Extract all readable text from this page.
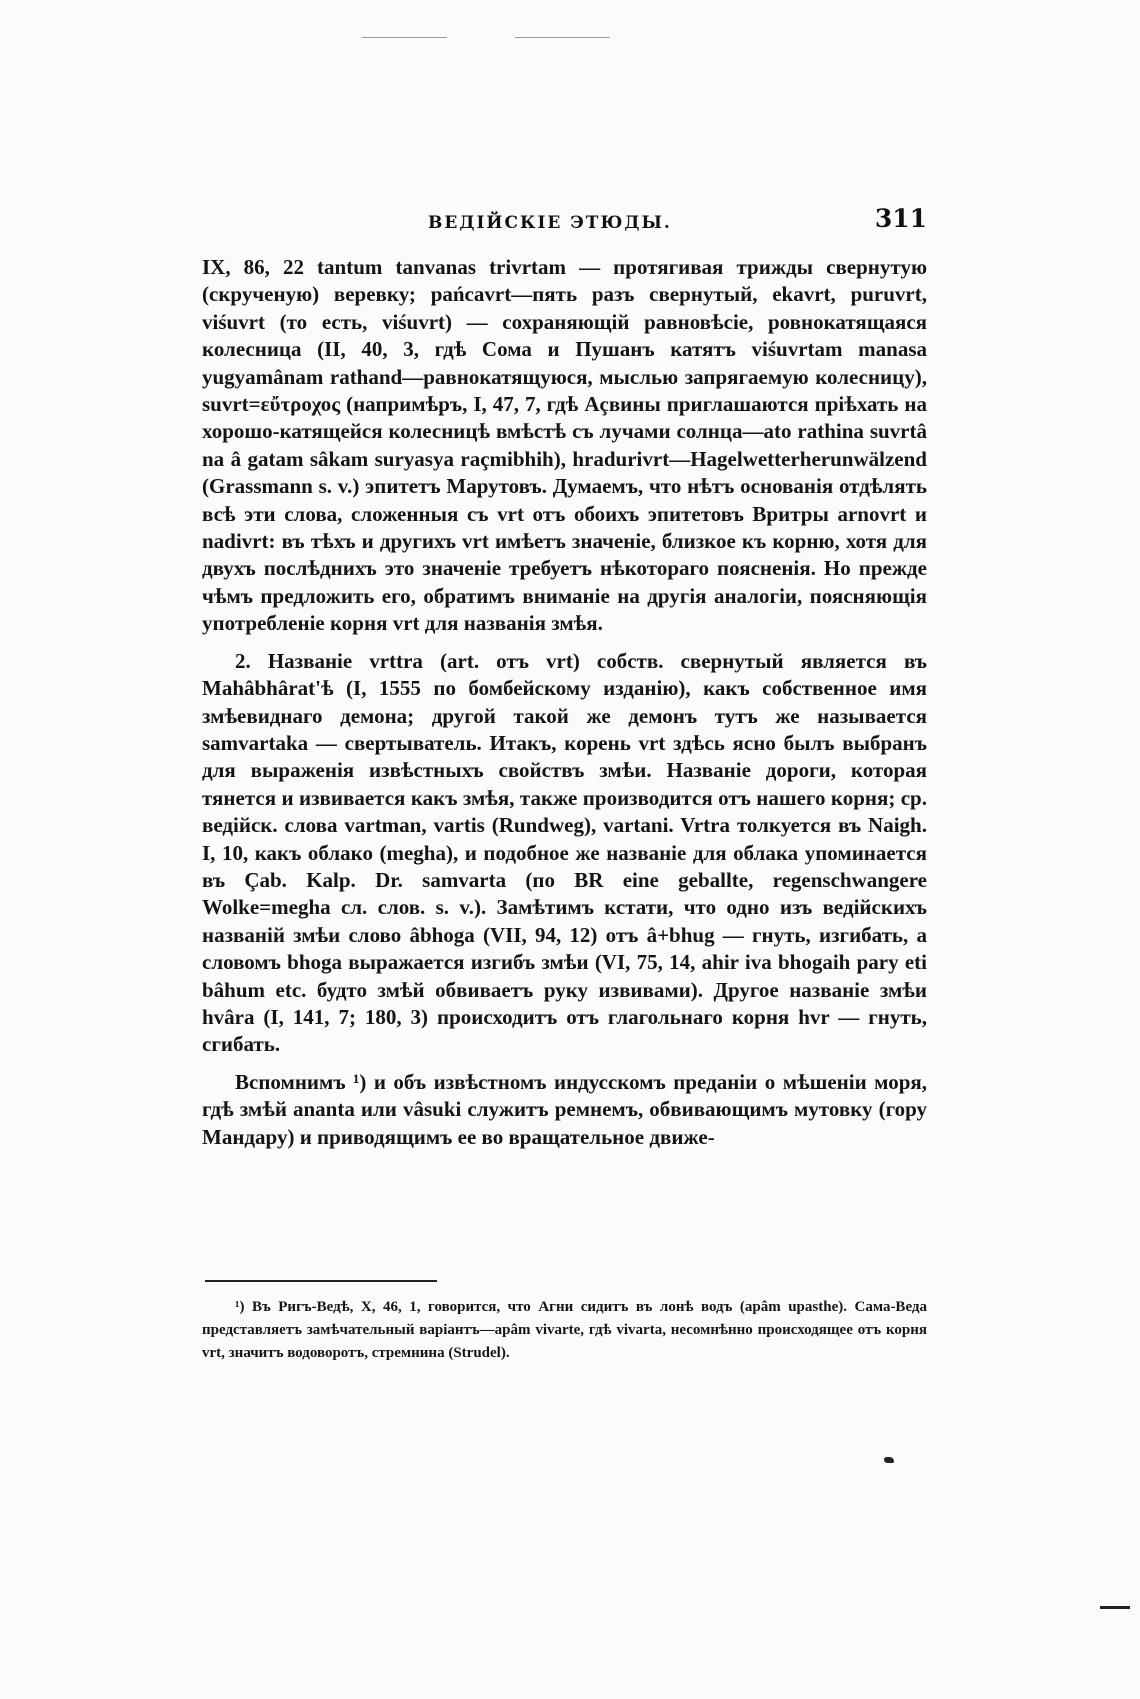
ВЕДІЙСКІЕ ЭТЮДЫ.	311

IX, 86, 22 tantum tanvanas trivrtam — протягивая трижды свернутую (скрученую) веревку; pańcavrt—пять разъ свернутый, ekavrt, puruvrt, viśuvrt (то есть, viśuvrt) — сохраняющій равновѣсіе, ровнокатящаяся колесница (II, 40, 3, гдѣ Сома и Пушанъ катятъ viśuvrtam manasa yugyamânam rathand—равнокатящуюся, мыслью запрягаемую колесницу), suvrt=εὔτροχος (напримѣръ, I, 47, 7, гдѣ Açвины приглашаются пріѣхать на хорошо-катящейся колесницѣ вмѣстѣ съ лучами солнца—ato rathina suvrtâ na â gatam sâkam suryasya raçmibhih), hradurivrt—Hagelwetterherunwälzend (Grassmann s. v.) эпитетъ Марутовъ. Думаемъ, что нѣтъ основанія отдѣлять всѣ эти слова, сложенныя съ vrt отъ обоихъ эпитетовъ Вритры arnovrt и nadivrt: въ тѣхъ и другихъ vrt имѣетъ значеніе, близкое къ корню, хотя для двухъ послѣднихъ это значеніе требуетъ нѣкотораго поясненія. Но прежде чѣмъ предложить его, обратимъ вниманіе на другія аналогіи, поясняющія употребленіе корня vrt для названія змѣя.

2. Названіе vrttra (art. отъ vrt) собств. свернутый является въ Mahâbhârat'ѣ (I, 1555 по бомбейскому изданію), какъ собственное имя змѣевиднаго демона; другой такой же демонъ тутъ же называется samvartaka — свертыватель. Итакъ, корень vrt здѣсь ясно былъ выбранъ для выраженія извѣстныхъ свойствъ змѣи. Названіе дороги, которая тянется и извивается какъ змѣя, также производится отъ нашего корня; ср. ведійск. слова vartman, vartis (Rundweg), vartani. Vrtra толкуется въ Naigh. I, 10, какъ облако (megha), и подобное же названіе для облака упоминается въ Çab. Kalp. Dr. samvarta (по BR eine geballte, regenschwangere Wolke=megha сл. слов. s. v.). Замѣтимъ кстати, что одно изъ ведійскихъ названій змѣи слово âbhoga (VII, 94, 12) отъ â+bhug — гнуть, изгибать, а словомъ bhoga выражается изгибъ змѣи (VI, 75, 14, ahir iva bhogaih pary eti bâhum etc. будто змѣй обвиваетъ руку извивами). Другое названіе змѣи hvâra (I, 141, 7; 180, 3) происходитъ отъ глагольнаго корня hvr — гнуть, сгибать.

Вспомнимъ ¹) и объ извѣстномъ индусскомъ преданіи о мѣшеніи моря, гдѣ змѣй ananta или vâsuki служитъ ремнемъ, обвивающимъ мутовку (гору Мандару) и приводящимъ ее во вращательное движе-

¹) Въ Ригъ-Ведѣ, X, 46, 1, говорится, что Агни сидитъ въ лонѣ водъ (apâm upasthe). Сама-Веда представляетъ замѣчательный варіантъ—apâm vivarte, гдѣ vivarta, несомнѣнно происходящее отъ корня vrt, значитъ водоворотъ, стремнина (Strudel).
